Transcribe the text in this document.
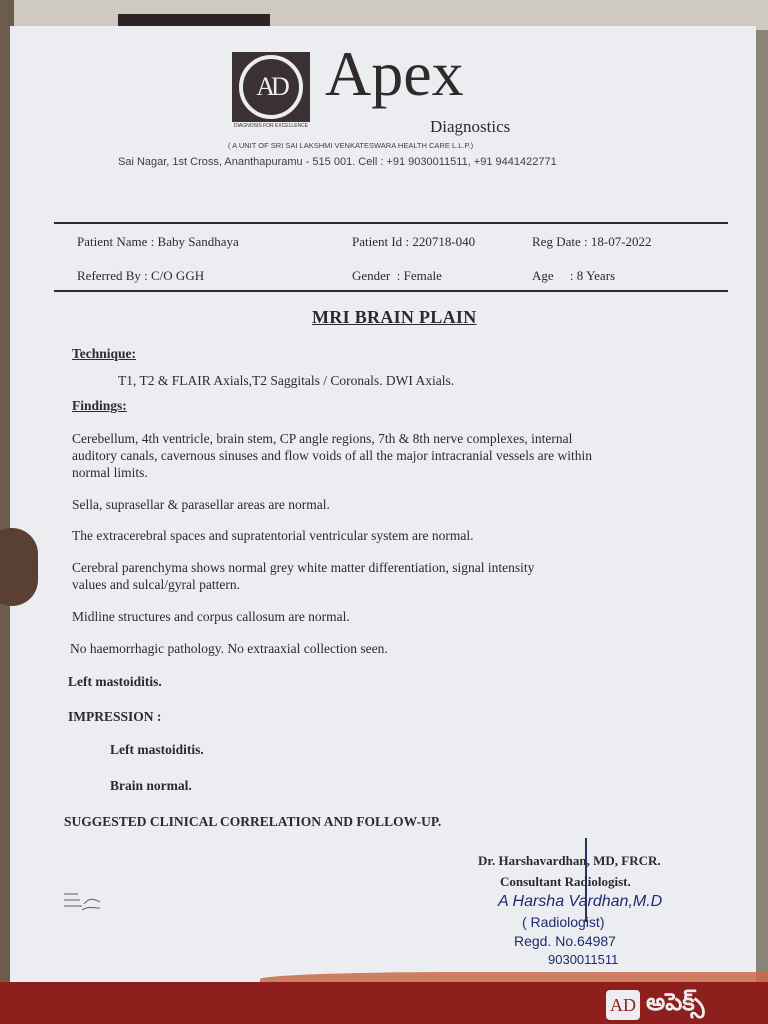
AD
DIAGNOSIS FOR EXCELLENCE
Apex
Diagnostics
( A UNIT OF SRI SAI LAKSHMI VENKATESWARA HEALTH CARE L.L.P.)
Sai Nagar, 1st Cross, Ananthapuramu - 515 001. Cell : +91 9030011511, +91 9441422771
Patient Name : Baby Sandhaya	Patient Id : 220718-040	Reg Date : 18-07-2022
Referred By : C/O GGH	Gender  : Female	Age     : 8 Years
MRI BRAIN PLAIN
Technique:
T1, T2 & FLAIR Axials,T2 Saggitals / Coronals. DWI Axials.
Findings:
Cerebellum, 4th ventricle, brain stem, CP angle regions, 7th & 8th nerve complexes, internal auditory canals, cavernous sinuses and flow voids of all the major intracranial vessels are within normal limits.
Sella, suprasellar & parasellar areas are normal.
The extracerebral spaces and supratentorial ventricular system are normal.
Cerebral parenchyma shows normal grey white matter differentiation, signal intensity values and sulcal/gyral pattern.
Midline structures and corpus callosum are normal.
No haemorrhagic pathology. No extraaxial collection seen.
Left mastoiditis.
IMPRESSION :
Left mastoiditis.
Brain normal.
SUGGESTED CLINICAL CORRELATION AND FOLLOW-UP.
Dr. Harshavardhan, MD, FRCR.
Consultant Radiologist.
A Harsha Vardhan,M.D
( Radiologist)
Regd. No.64987
9030011511
AD అపెక్స్
